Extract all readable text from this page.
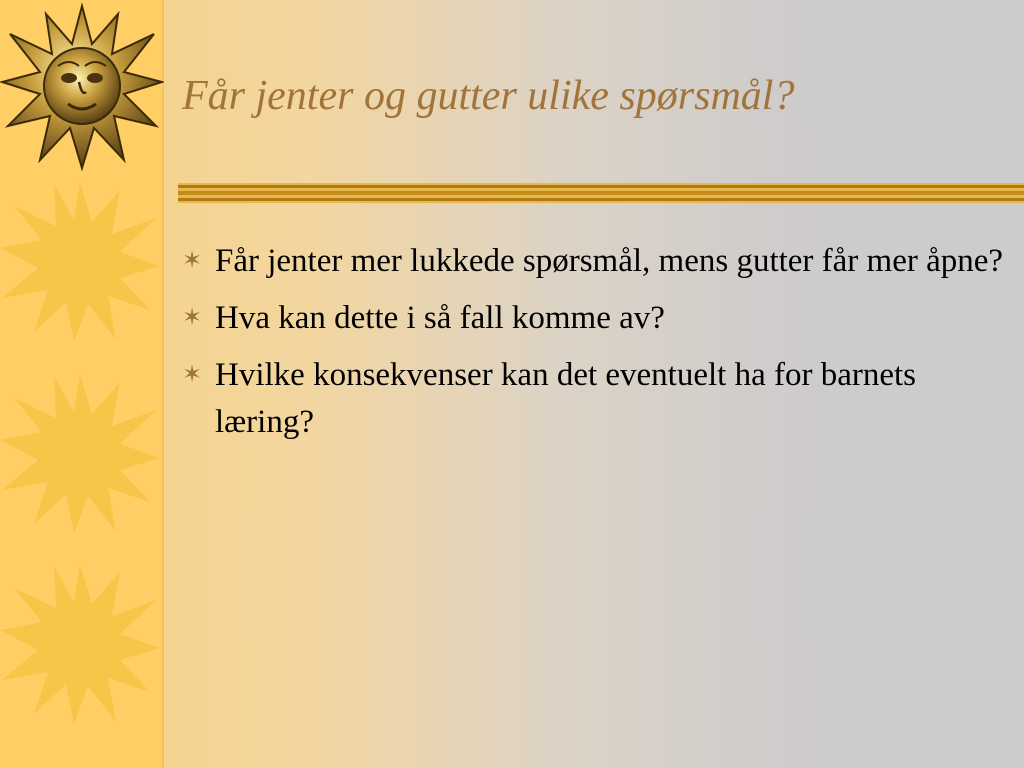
Får jenter og gutter ulike spørsmål?
✶ Får jenter mer lukkede spørsmål, mens gutter får mer åpne?
✶ Hva kan dette i så fall komme av?
✶ Hvilke konsekvenser kan det eventuelt ha for barnets læring?
